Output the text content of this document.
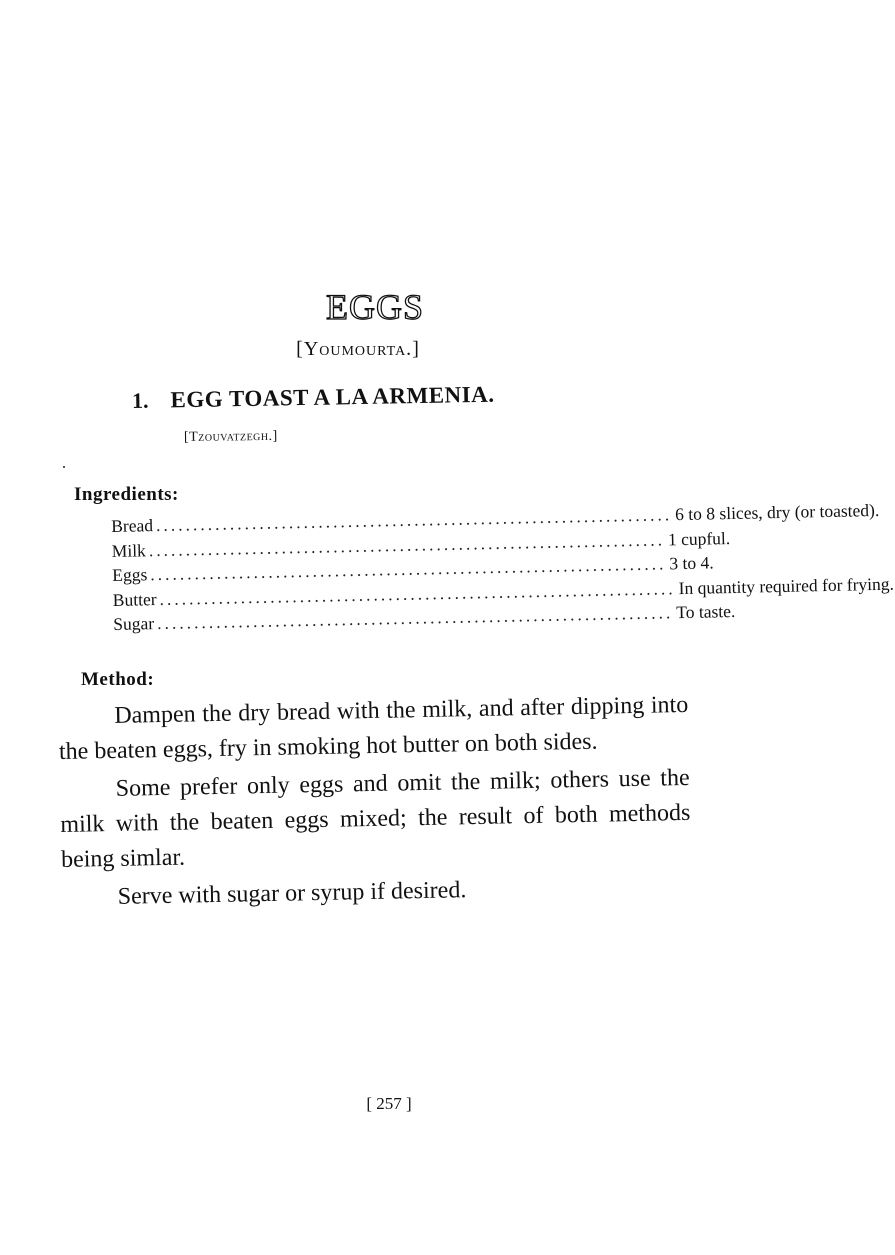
EGGS
[Youmourta.]
1. EGG TOAST A LA ARMENIA.
[Tzouvatzegh.]
Ingredients:
Bread ...................................................................... 6 to 8 slices, dry (or toasted).
Milk ...................................................................... 1 cupful.
Eggs ...................................................................... 3 to 4.
Butter ...................................................................... In quantity required for frying.
Sugar ...................................................................... To taste.
Method:

Dampen the dry bread with the milk, and after dipping into the beaten eggs, fry in smoking hot butter on both sides.

Some prefer only eggs and omit the milk; others use the milk with the beaten eggs mixed; the result of both methods being simlar.

Serve with sugar or syrup if desired.

[ 257 ]
